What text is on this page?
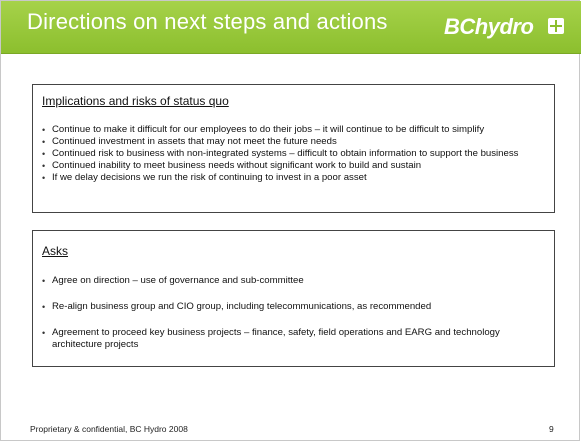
Directions on next steps and actions	BChydro
Implications and risks of status quo
• Continue to make it difficult for our employees to do their jobs – it will continue to be difficult to simplify
• Continued investment in assets that may not meet the future needs
• Continued risk to business with non-integrated systems – difficult to obtain information to support the business
• Continued inability to meet business needs without significant work to build and sustain
• If we delay decisions we run the risk of continuing to invest in a poor asset
Asks
• Agree on direction – use of governance and sub-committee
• Re-align business group and CIO group, including telecommunications, as recommended
• Agreement to proceed key business projects – finance, safety, field operations and EARG and technology architecture projects
Proprietary & confidential, BC Hydro 2008	9
